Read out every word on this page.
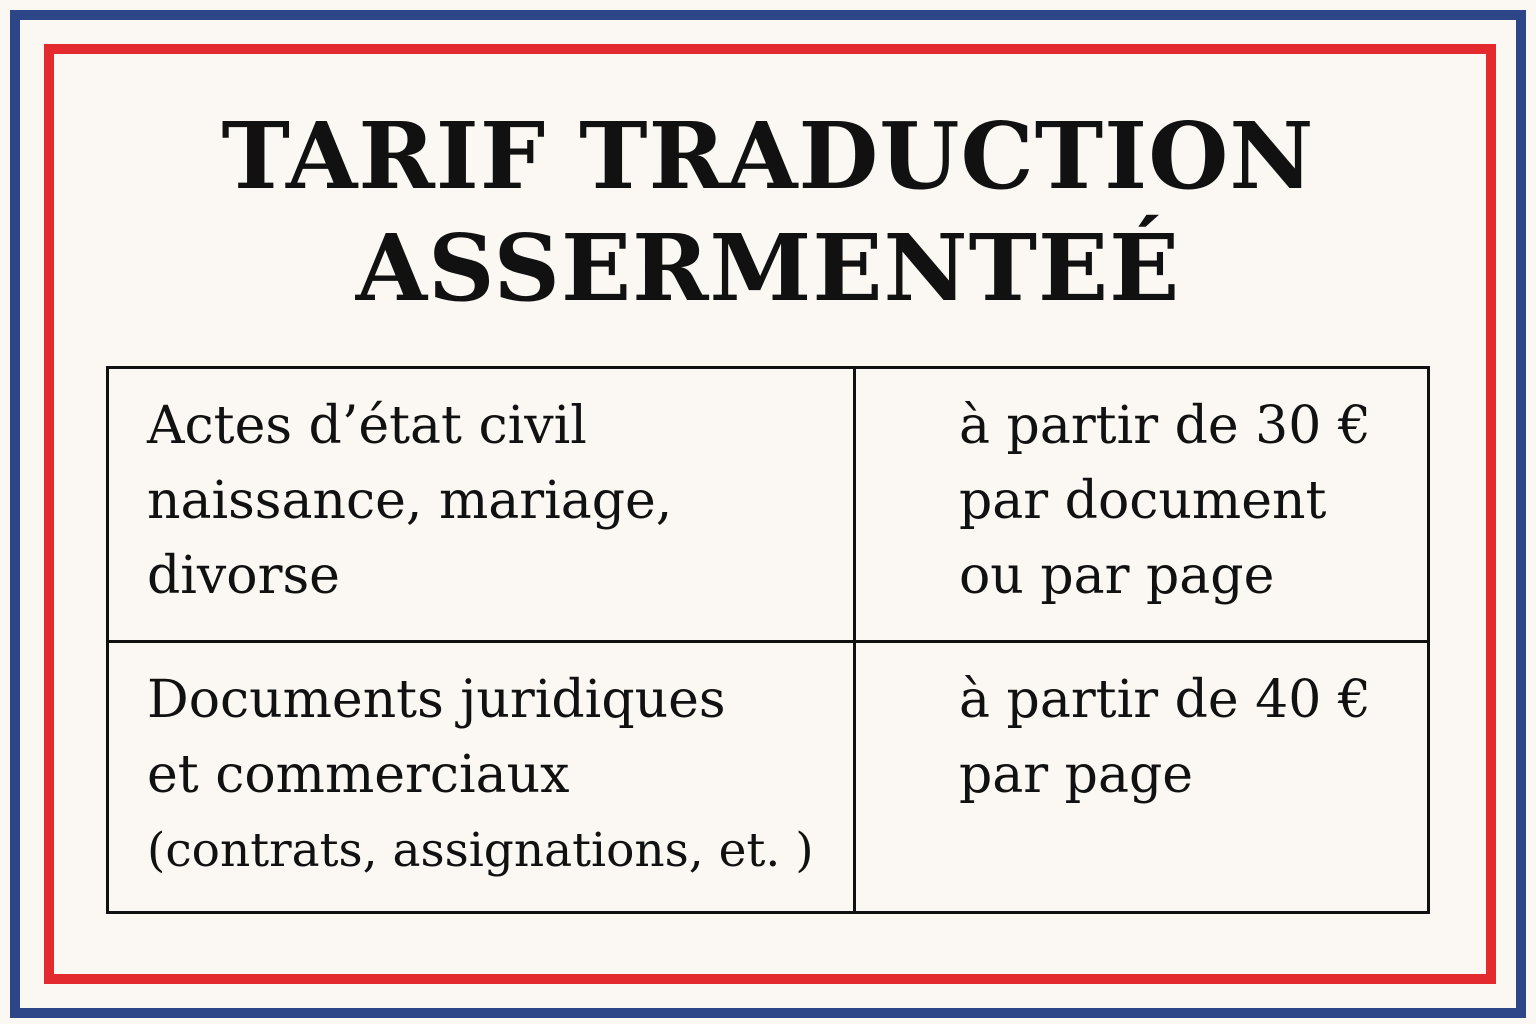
TARIF TRADUCTION
ASSERMENTEÉ
Actes d’état civil
naissance, mariage,
divorse	à partir de 30 €
par document
ou par page

Documents juridiques
et commerciaux
(contrats, assignations, et. )	à partir de 40 €
par page
